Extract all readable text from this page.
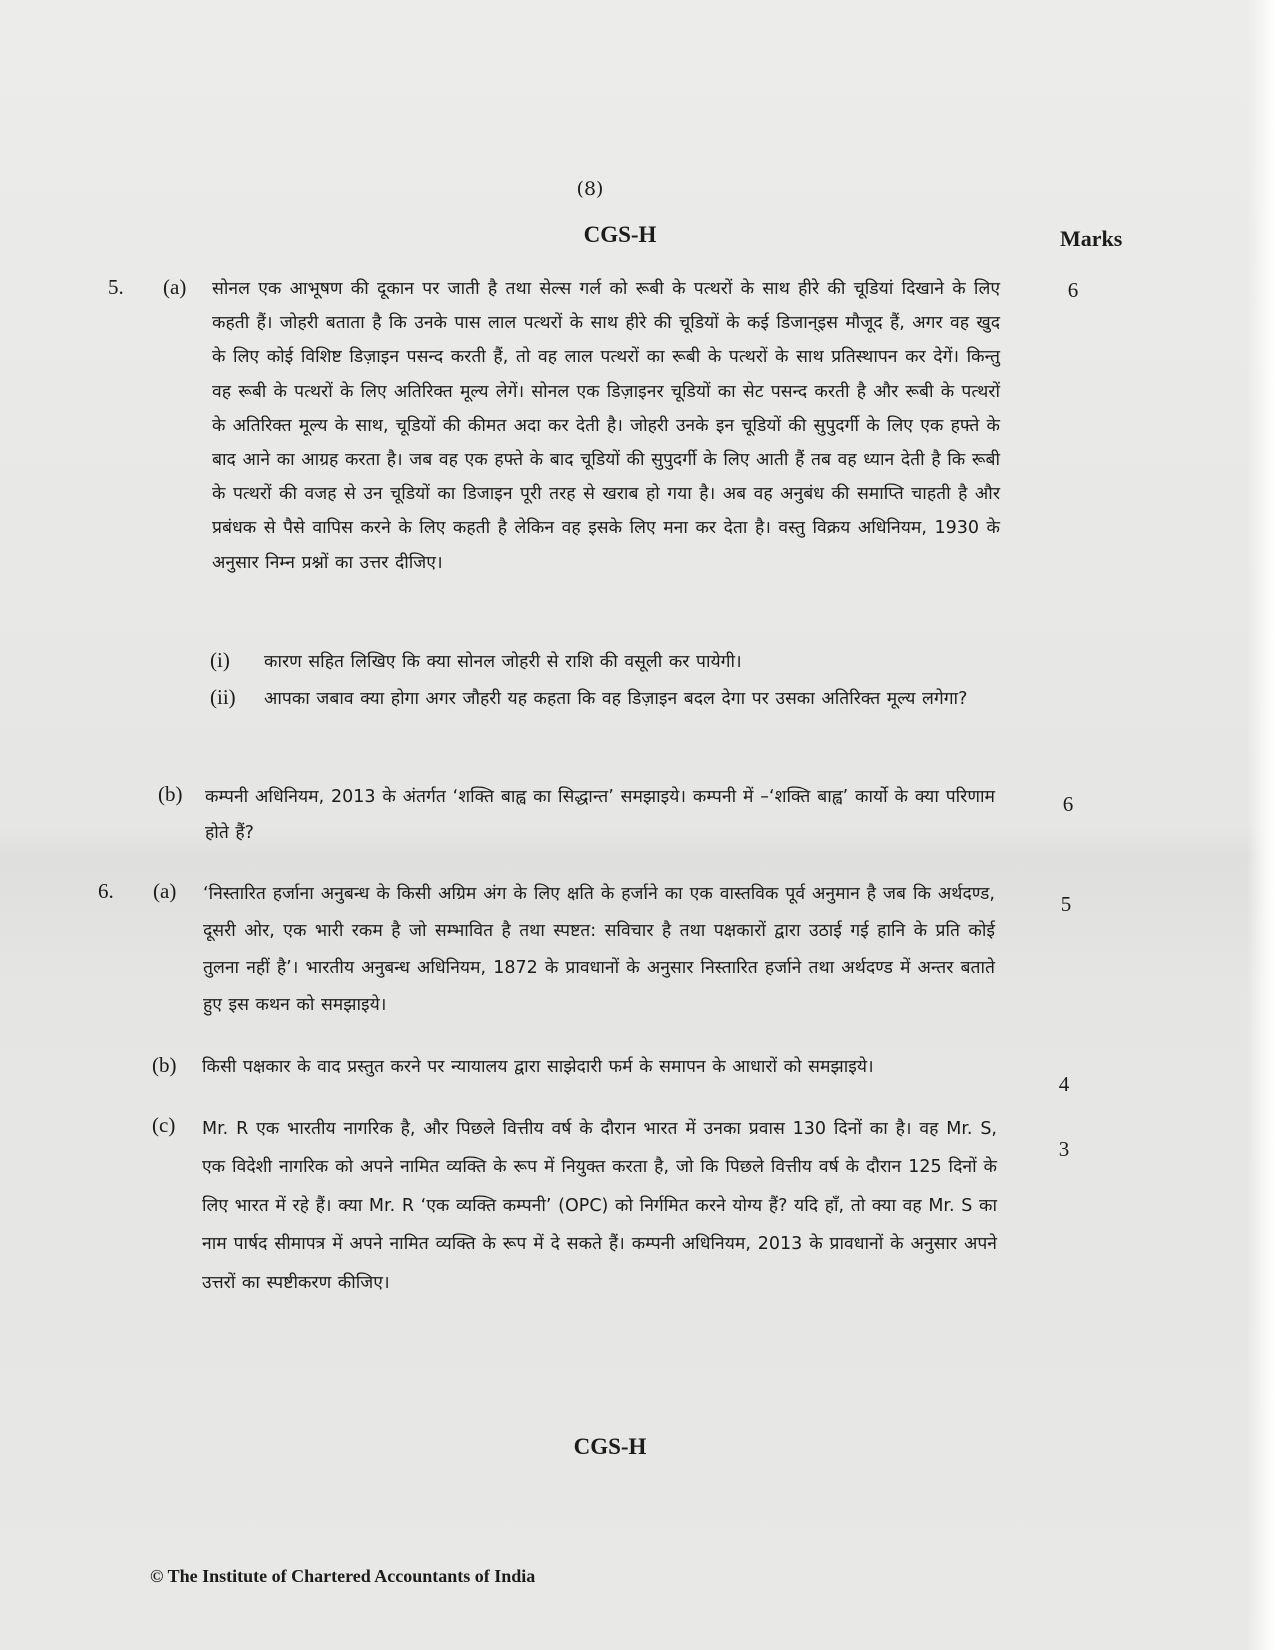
(8)
CGS-H	Marks
5. (a) सोनल एक आभूषण की दूकान पर जाती है तथा सेल्स गर्ल को रूबी के पत्थरों के साथ हीरे की चूडियां दिखाने के लिए कहती हैं। जोहरी बताता है कि उनके पास लाल पत्थरों के साथ हीरे की चूडियों के कई डिजान्इस मौजूद हैं, अगर वह खुद के लिए कोई विशिष्ट डिज़ाइन पसन्द करती हैं, तो वह लाल पत्थरों का रूबी के पत्थरों के साथ प्रतिस्थापन कर देगें। किन्तु वह रूबी के पत्थरों के लिए अतिरिक्त मूल्य लेगें। सोनल एक डिज़ाइनर चूडियों का सेट पसन्द करती है और रूबी के पत्थरों के अतिरिक्त मूल्य के साथ, चूडियों की कीमत अदा कर देती है। जोहरी उनके इन चूडियों की सुपुदर्गी के लिए एक हफ्ते के बाद आने का आग्रह करता है। जब वह एक हफ्ते के बाद चूडियों की सुपुदर्गी के लिए आती हैं तब वह ध्यान देती है कि रूबी के पत्थरों की वजह से उन चूडियों का डिजाइन पूरी तरह से खराब हो गया है। अब वह अनुबंध की समाप्ति चाहती है और प्रबंधक से पैसे वापिस करने के लिए कहती है लेकिन वह इसके लिए मना कर देता है। वस्तु विक्रय अधिनियम, 1930 के अनुसार निम्न प्रश्नों का उत्तर दीजिए।
6
(i) कारण सहित लिखिए कि क्या सोनल जोहरी से राशि की वसूली कर पायेगी।
(ii) आपका जबाव क्या होगा अगर जौहरी यह कहता कि वह डिज़ाइन बदल देगा पर उसका अतिरिक्त मूल्य लगेगा?
(b) कम्पनी अधिनियम, 2013 के अंतर्गत ‘शक्ति बाह्व का सिद्धान्त’ समझाइये। कम्पनी में –‘शक्ति बाह्व’ कार्यो के क्या परिणाम होते हैं?
6
6. (a) ‘निस्तारित हर्जाना अनुबन्ध के किसी अग्रिम अंग के लिए क्षति के हर्जाने का एक वास्तविक पूर्व अनुमान है जब कि अर्थदण्ड, दूसरी ओर, एक भारी रकम है जो सम्भावित है तथा स्पष्टत: सविचार है तथा पक्षकारों द्वारा उठाई गई हानि के प्रति कोई तुलना नहीं है’। भारतीय अनुबन्ध अधिनियम, 1872 के प्रावधानों के अनुसार निस्तारित हर्जाने तथा अर्थदण्ड में अन्तर बताते हुए इस कथन को समझाइये।
5
(b) किसी पक्षकार के वाद प्रस्तुत करने पर न्यायालय द्वारा साझेदारी फर्म के समापन के आधारों को समझाइये।
4
(c) Mr. R एक भारतीय नागरिक है, और पिछले वित्तीय वर्ष के दौरान भारत में उनका प्रवास 130 दिनों का है। वह Mr. S, एक विदेशी नागरिक को अपने नामित व्यक्ति के रूप में नियुक्त करता है, जो कि पिछले वित्तीय वर्ष के दौरान 125 दिनों के लिए भारत में रहे हैं। क्या Mr. R ‘एक व्यक्ति कम्पनी’ (OPC) को निर्गमित करने योग्य हैं? यदि हाँ, तो क्या वह Mr. S का नाम पार्षद सीमापत्र में अपने नामित व्यक्ति के रूप में दे सकते हैं। कम्पनी अधिनियम, 2013 के प्रावधानों के अनुसार अपने उत्तरों का स्पष्टीकरण कीजिए।
3
CGS-H
© The Institute of Chartered Accountants of India
